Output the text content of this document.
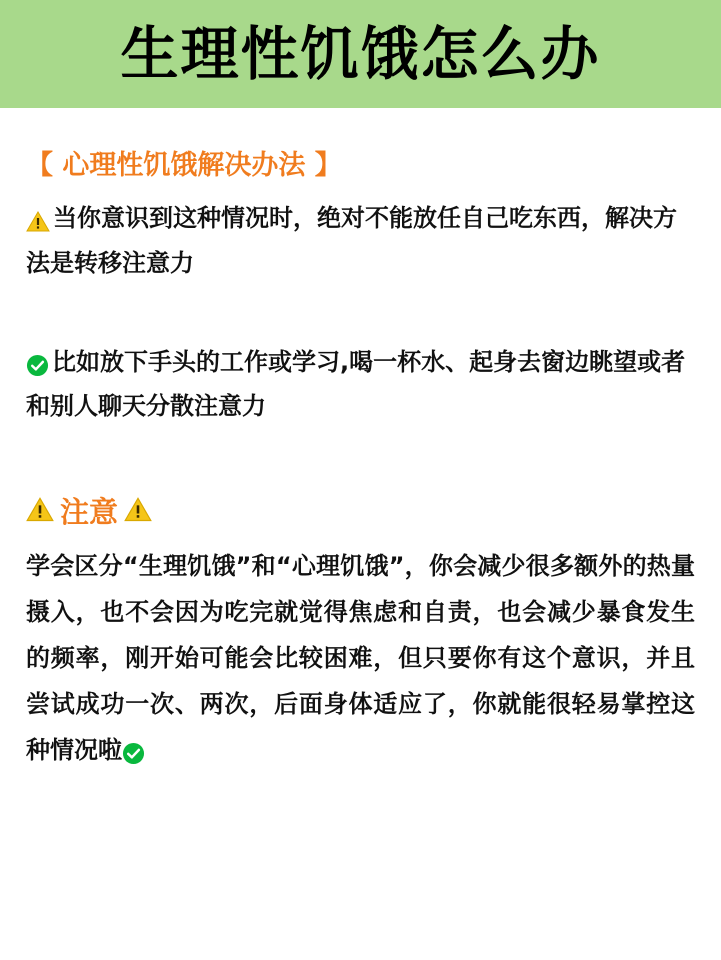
生理性饥饿怎么办
【 心理性饥饿解决办法 】

当你意识到这种情况时，绝对不能放任自己吃东西，解决方法是转移注意力

比如放下手头的工作或学习,喝一杯水、起身去窗边眺望或者和别人聊天分散注意力

注意

学会区分“生理饥饿”和“心理饥饿”，你会减少很多额外的热量摄入，也不会因为吃完就觉得焦虑和自责，也会减少暴食发生的频率，刚开始可能会比较困难，但只要你有这个意识，并且尝试成功一次、两次，后面身体适应了，你就能很轻易掌控这种情况啦
